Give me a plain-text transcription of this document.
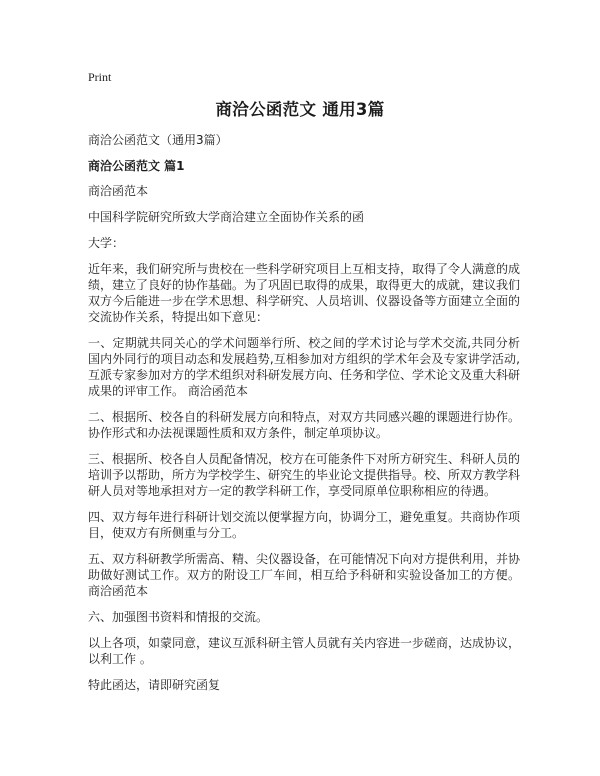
Print
商洽公函范文 通用3篇

商洽公函范文（通用3篇）

商洽公函范文 篇1

商洽函范本

中国科学院研究所致大学商洽建立全面协作关系的函

大学：

近年来，我们研究所与贵校在一些科学研究项目上互相支持，取得了令人满意的成绩，建立了良好的协作基础。为了巩固已取得的成果，取得更大的成就，建议我们双方今后能进一步在学术思想、科学研究、人员培训、仪器设备等方面建立全面的交流协作关系，特提出如下意见：

一、定期就共同关心的学术问题举行所、校之间的学术讨论与学术交流,共同分析国内外同行的项目动态和发展趋势,互相参加对方组织的学术年会及专家讲学活动,互派专家参加对方的学术组织对科研发展方向、任务和学位、学术论文及重大科研成果的评审工作。 商洽函范本

二、根据所、校各自的科研发展方向和特点，对双方共同感兴趣的课题进行协作。协作形式和办法视课题性质和双方条件，制定单项协议。

三、根据所、校各自人员配备情况，校方在可能条件下对所方研究生、科研人员的培训予以帮助，所方为学校学生、研究生的毕业论文提供指导。校、所双方教学科研人员对等地承担对方一定的教学科研工作，享受同原单位职称相应的待遇。

四、双方每年进行科研计划交流以便掌握方向，协调分工，避免重复。共商协作项目，使双方有所侧重与分工。

五、双方科研教学所需高、精、尖仪器设备，在可能情况下向对方提供利用，并协助做好测试工作。双方的附设工厂车间，相互给予科研和实验设备加工的方便。 商洽函范本

六、加强图书资料和情报的交流。

以上各项，如蒙同意，建议互派科研主管人员就有关内容进一步磋商，达成协议，以利工作 。

特此函达，请即研究函复
